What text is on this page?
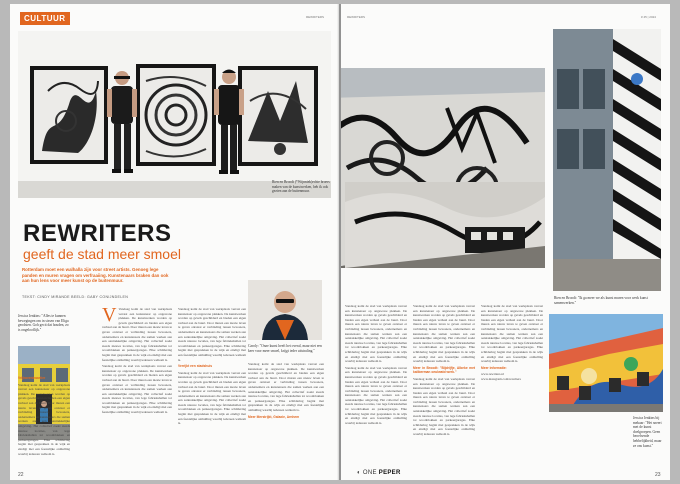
CULTUUR	REWRITERS
REWRITERS
geeft de stad meer smoel
Rotterdam moet een walhalla zijn voor street artists. Genoeg lege panden en muren vragen om verfraaiing. Kunstenaars braken dan ook aan hun lens voor meer kunst op de buitenmuur.
TEKST: CINDY MIRANDE BEELD: GABY CONIJNDELEN
Caroly: "Onze kunst heeft het overal, maar niet een keer voor meer smoel, krijgt ieder uitstraling."
Jessica Jenkins: "Alles te kunnen bewegingen om in sissen van Eliga geodsten. Goh gecit dat houden, zo is ongelooflijk."

Vrijhavenkwartier

Vandaag komt de stad van werkplaats verrast een kunstenaar op ongewone plekken. De kunstwerken worden op gevels geschilderd en bieden een eigen verhaal aan de buurt. Door muren een nieuw leven te geven ontstaat er verbinding tussen bewoners, ondernemers en kunstenaars die samen werken aan een aantrekkelijke omgeving. Het collectief zoekt steeds nieuwe locaties, van lege fabriekshallen tot woonblokken en parkeergarages. Elke schildering begint met gesprekken in de wijk en eindigt met een feestelijke onthulling waarbij iedereen welkom is.

V Vandaag komt de stad van werkplaats verrast een kunstenaar op ongewone plekken. De kunstwerken worden op gevels geschilderd en bieden een eigen verhaal aan de buurt. Door muren een nieuw leven te geven ontstaat er verbinding tussen bewoners, ondernemers en kunstenaars die samen werken aan een aantrekkelijke omgeving. Het collectief zoekt steeds nieuwe locaties, van lege fabriekshallen tot woonblokken en parkeergarages. Elke schildering begint met gesprekken in de wijk en eindigt met een feestelijke onthulling waarbij iedereen welkom is.

Vandaag komt de stad van werkplaats verrast een kunstenaar op ongewone plekken. De kunstwerken worden op gevels geschilderd en bieden een eigen verhaal aan de buurt. Door muren een nieuw leven te geven ontstaat er verbinding tussen bewoners, ondernemers en kunstenaars die samen werken aan een aantrekkelijke omgeving. Het collectief zoekt steeds nieuwe locaties, van lege fabriekshallen tot woonblokken en parkeergarages. Elke schildering begint met gesprekken in de wijk en eindigt met een feestelijke onthulling waarbij iedereen welkom is.

Vandaag komt de stad van werkplaats verrast een kunstenaar op ongewone plekken. De kunstwerken worden op gevels geschilderd en bieden een eigen verhaal aan de buurt. Door muren een nieuw leven te geven ontstaat er verbinding tussen bewoners, ondernemers en kunstenaars die samen werken aan een aantrekkelijke omgeving. Het collectief zoekt steeds nieuwe locaties, van lege fabriekshallen tot woonblokken en parkeergarages. Elke schildering begint met gesprekken in de wijk en eindigt met een feestelijke onthulling waarbij iedereen welkom is.

Verrijkt een stadshuis

Vandaag komt de stad van werkplaats verrast een kunstenaar op ongewone plekken. De kunstwerken worden op gevels geschilderd en bieden een eigen verhaal aan de buurt. Door muren een nieuw leven te geven ontstaat er verbinding tussen bewoners, ondernemers en kunstenaars die samen werken aan een aantrekkelijke omgeving. Het collectief zoekt steeds nieuwe locaties, van lege fabriekshallen tot woonblokken en parkeergarages. Elke schildering begint met gesprekken in de wijk en eindigt met een feestelijke onthulling waarbij iedereen welkom is.

Vandaag komt de stad van werkplaats verrast een kunstenaar op ongewone plekken. De kunstwerken worden op gevels geschilderd en bieden een eigen verhaal aan de buurt. Door muren een nieuw leven te geven ontstaat er verbinding tussen bewoners, ondernemers en kunstenaars die samen werken aan een aantrekkelijke omgeving. Het collectief zoekt steeds nieuwe locaties, van lege fabriekshallen tot woonblokken en parkeergarages. Elke schildering begint met gesprekken in de wijk en eindigt met een feestelijke onthulling waarbij iedereen welkom is.

Meer Merstrijkt, Galaxie, Arnhem

22
REWRITERS	# 45 | 2024
Rien en Broodt: "Ik ga meer we als kunst muren voor werk kunst samenwerken."

Vandaag komt de stad van werkplaats verrast een kunstenaar op ongewone plekken. De kunstwerken worden op gevels geschilderd en bieden een eigen verhaal aan de buurt. Door muren een nieuw leven te geven ontstaat er verbinding tussen bewoners, ondernemers en kunstenaars die samen werken aan een aantrekkelijke omgeving. Het collectief zoekt steeds nieuwe locaties, van lege fabriekshallen tot woonblokken en parkeergarages. Elke schildering begint met gesprekken in de wijk en eindigt met een feestelijke onthulling waarbij iedereen welkom is.

Vandaag komt de stad van werkplaats verrast een kunstenaar op ongewone plekken. De kunstwerken worden op gevels geschilderd en bieden een eigen verhaal aan de buurt. Door muren een nieuw leven te geven ontstaat er verbinding tussen bewoners, ondernemers en kunstenaars die samen werken aan een aantrekkelijke omgeving. Het collectief zoekt steeds nieuwe locaties, van lege fabriekshallen tot woonblokken en parkeergarages. Elke schildering begint met gesprekken in de wijk en eindigt met een feestelijke onthulling waarbij iedereen welkom is.

Vandaag komt de stad van werkplaats verrast een kunstenaar op ongewone plekken. De kunstwerken worden op gevels geschilderd en bieden een eigen verhaal aan de buurt. Door muren een nieuw leven te geven ontstaat er verbinding tussen bewoners, ondernemers en kunstenaars die samen werken aan een aantrekkelijke omgeving. Het collectief zoekt steeds nieuwe locaties, van lege fabriekshallen tot woonblokken en parkeergarages. Elke schildering begint met gesprekken in de wijk en eindigt met een feestelijke onthulling waarbij iedereen welkom is.

Meer in Broodt: "Bijdrijfje, Albeke met kaliberman oeulwatd werk."

Vandaag komt de stad van werkplaats verrast een kunstenaar op ongewone plekken. De kunstwerken worden op gevels geschilderd en bieden een eigen verhaal aan de buurt. Door muren een nieuw leven te geven ontstaat er verbinding tussen bewoners, ondernemers en kunstenaars die samen werken aan een aantrekkelijke omgeving. Het collectief zoekt steeds nieuwe locaties, van lege fabriekshallen tot woonblokken en parkeergarages. Elke schildering begint met gesprekken in de wijk en eindigt met een feestelijke onthulling waarbij iedereen welkom is.

Vandaag komt de stad van werkplaats verrast een kunstenaar op ongewone plekken. De kunstwerken worden op gevels geschilderd en bieden een eigen verhaal aan de buurt. Door muren een nieuw leven te geven ontstaat er verbinding tussen bewoners, ondernemers en kunstenaars die samen werken aan een aantrekkelijke omgeving. Het collectief zoekt steeds nieuwe locaties, van lege fabriekshallen tot woonblokken en parkeergarages. Elke schildering begint met gesprekken in de wijk en eindigt met een feestelijke onthulling waarbij iedereen welkom is.

Meer informatie:

www.rewriters.nl www.instagram.com/rewriters

Jessica Jenkins bij mekaar: "Het sneert met de kunst doelgroepen. Geen beoefsende hebbelijkheid, maar ze ons kunst."
◐ ONE PEPER	23
Rien en Broodt (*Wijnniek)echte broers maken van de kunstwerken, heb ik ook gezien aan de buitenmuur.
